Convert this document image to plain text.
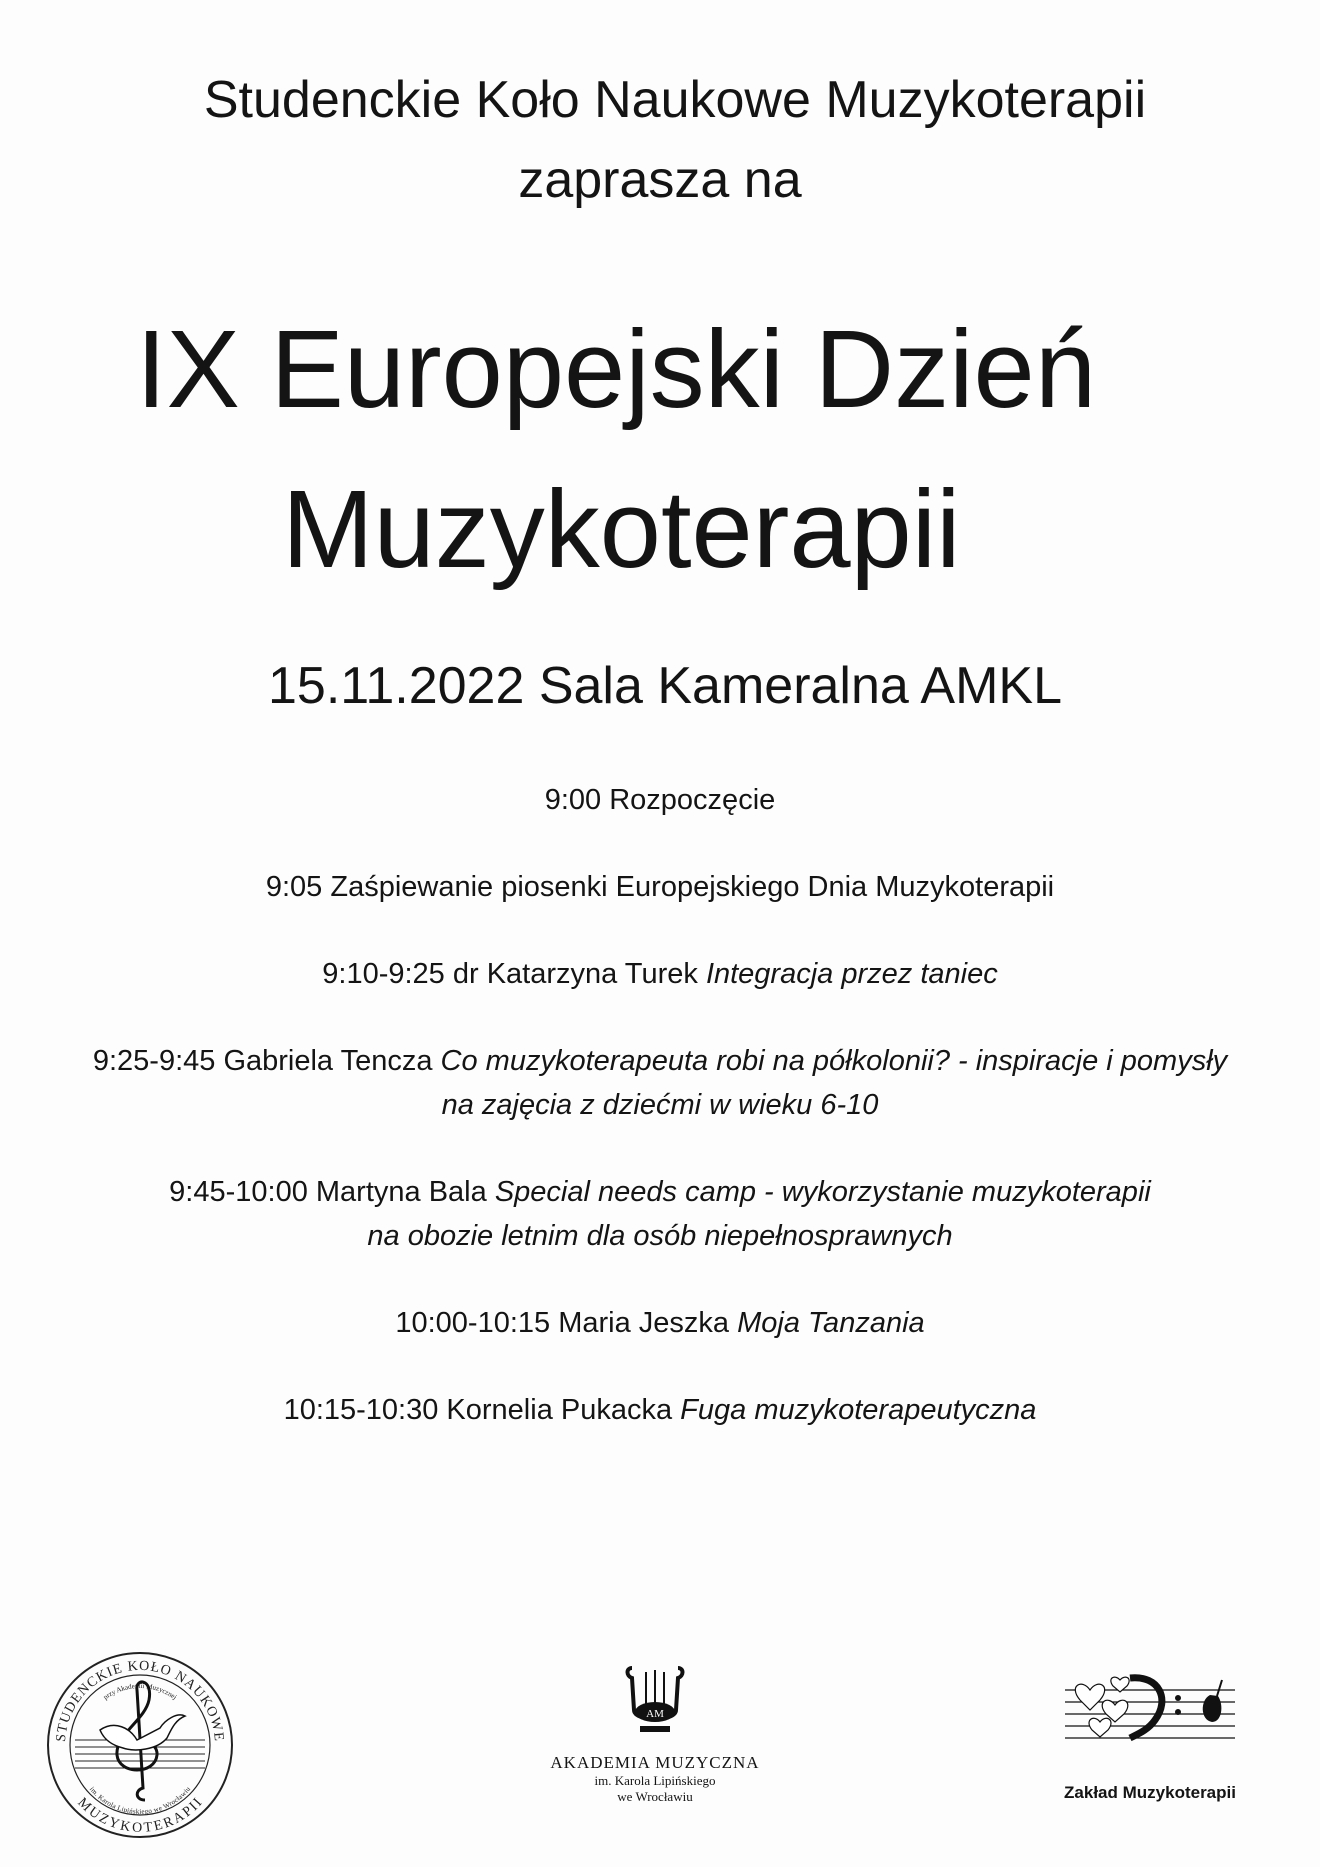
Studenckie Koło Naukowe Muzykoterapii
zaprasza na
IX Europejski Dzień
Muzykoterapii
15.11.2022 Sala Kameralna AMKL
9:00 Rozpoczęcie
9:05 Zaśpiewanie piosenki Europejskiego Dnia Muzykoterapii
9:10-9:25 dr Katarzyna Turek Integracja przez taniec
9:25-9:45 Gabriela Tencza Co muzykoterapeuta robi na półkolonii? - inspiracje i pomysły
na zajęcia z dziećmi w wieku 6-10
9:45-10:00 Martyna Bala Special needs camp - wykorzystanie muzykoterapii
na obozie letnim dla osób niepełnosprawnych
10:00-10:15 Maria Jeszka Moja Tanzania
10:15-10:30 Kornelia Pukacka Fuga muzykoterapeutyczna
STUDENCKIE KOŁO NAUKOWE
przy Akademii Muzycznej
MUZYKOTERAPII
im. Karola Lipińskiego we Wrocławiu
AM
AKADEMIA MUZYCZNA
im. Karola Lipińskiego
we Wrocławiu	Zakład Muzykoterapii
